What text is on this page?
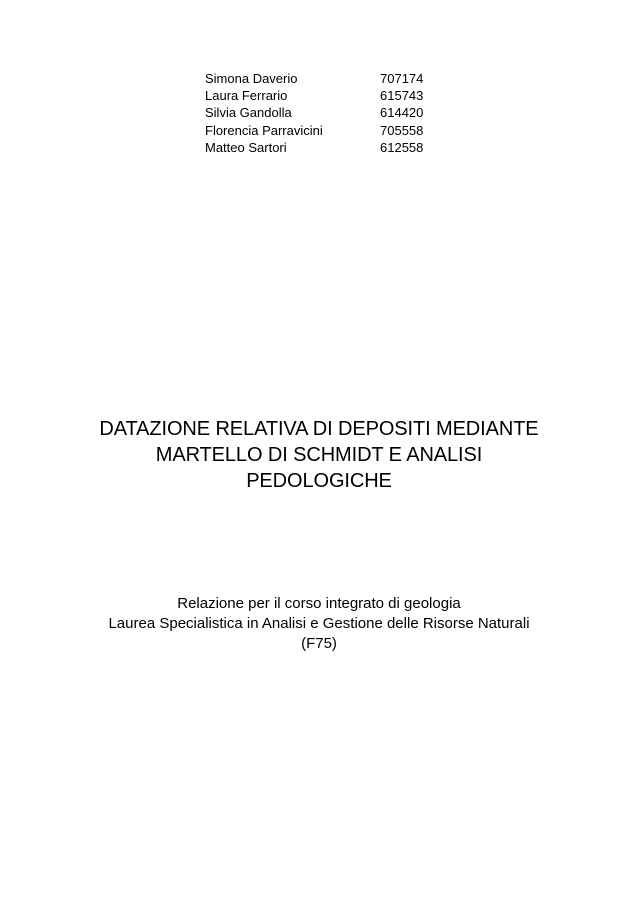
Simona Daverio	707174
Laura Ferrario	615743
Silvia Gandolla	614420
Florencia Parravicini	705558
Matteo Sartori	612558
DATAZIONE RELATIVA DI DEPOSITI MEDIANTE
MARTELLO DI SCHMIDT E ANALISI
PEDOLOGICHE
Relazione per il corso integrato di geologia
Laurea Specialistica in Analisi e Gestione delle Risorse Naturali
(F75)
